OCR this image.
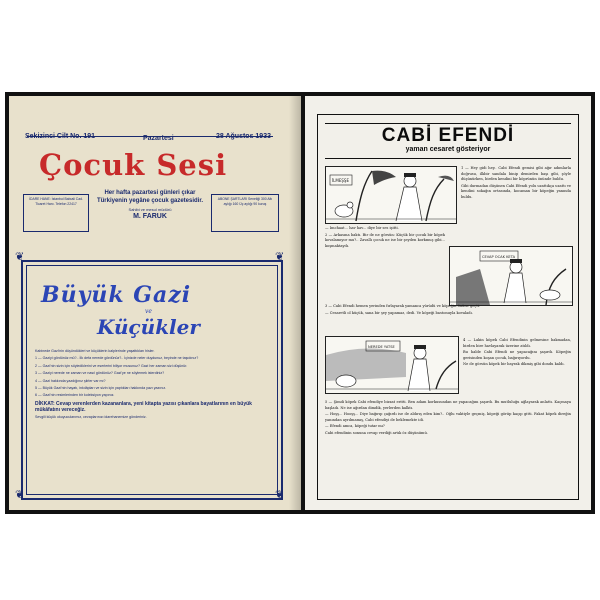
Sekizinci Cilt No. 191	Pazartesi	28 Ağustos 1933
Çocuk Sesi
İDARE HANE: İstanbul Babıali Cad. Ticaret Hanı. Telefon 22417
Her hafta pazartesi günleri çıkar Türkiyenin yegâne çocuk gazetesidir.
Sahibi ve mesul müdürü
M. FARUK
ABONE ŞARTLARI Seneliği 300 Altı aylığı 160 Üç aylığı 90 kuruş
❦	❦
❦	❦
Büyük Gazi
ve
Küçükler

Kabinede Gazi'nin düşündükleri ve küçüklerin kalplerinde yaşattıkları hisler.

1 — Gaziyi gördünüz mü?.. İlk defa nerede gördünüz?.. İçinizde neler duydunuz, beyinde ne taşıdınız?

2 — Gazi'nin sizin için söylediklerini ve eserlerini biliyor musunuz? Gazi her zaman sizi düşünür.

3 — Gaziyi nerede ne zaman ve nasıl gördünüz? Gazi'ye ne söylemek isterdiniz?

4 — Gazi hakkında yazdığınız şiirler var mı?

5 — Büyük Gazi'nin hayatı, inkılâpları ve sizin için yaptıkları hakkında yazı yazınız.

6 — Gazi'nin resimlerinden bir koleksiyon yapınız.

DİKKAT: Cevap verenlerden kazananlara, yeni kitapta yazısı çıkanlara bayatlarının en büyük mükâfatını vereceğiz.

Sevgili küçük okuyucularımız, cevaplarınızı idarehanemize gönderiniz.

CABİ EFENDİ
yaman cesaret gösteriyor
İLMEŞŞE

1 — Hey gidi hey.. Cabi Efendi gemisi gibi ağır adımlarla doğrusu, ilkbir sandala binip demirden başı gibi, şöyle düşünürken, birden kendini bir köprünün önünde buldu.

Gibi durmadan düşünen Cabi Efendi yolu uzattıkça uzattı ve kendini sokağın ortasında, kocaman bir köpeğin yanında buldu.

— Imchaat... hav hav... diye bir ses işitti.

2 — Arkasına baktı. Bir de ne görsün: Küçük bir çocuk bir köpek kovalamıyor mu?.. Zavallı çocuk ne ise bir şeyden korkmuş gibi... koşmaktaydı.

CEVAP OCAK KETA

3 — Cabi Efendi hemen yerinden fırlayarak yamanca yürüdü ve köpeğin önüne geçti.

— Cesaretli ol küçük, sana bir şey yapamaz, dedi. Ve köpeği bastonuyla kovaladı.

NEREDE YATSE

4 — Lakin köpek Cabi Efendinin gelmesine bakmadan, birden bire havlayarak üzerine atıldı.

Bu halde Cabi Efendi ne yapacağını şaşırdı. Köpeğin gerisinden koşan çocuk, bağırıyordu.

Ne de görsün köpek bir bayrak dikmiş gibi dondu kaldı.

5 — Şimdi köpek Cabi efendiye bizzat eritti. Ben adam korkusundan ne yapacağını şaşırdı. Bu mutluluğu ağlayarak anlattı. Kaçmaya başladı. Ne ise ağırdan dimdik, yerlerden kalktı.

— Hoşş... Hooşş... Diye bağırıp çağırdı ise de aldırış eden kim?.. Oğlu vaktiyle geçmiş, köpeği görüp kaçıp gitti. Fakat köpek direğin yanından ayrılmamış, Cabi efendiyi de beklemekte idi.

— Efendi amca, köpeği tutar mı?

Cabi efendinin sonuna cevap verdiği artık öz düşünümü.
